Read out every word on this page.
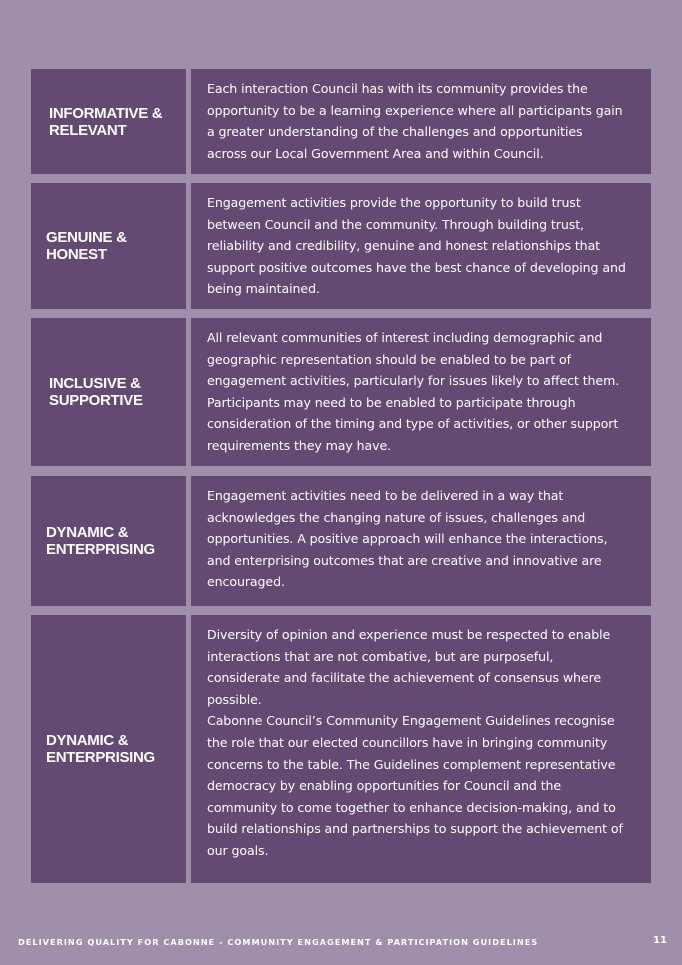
INFORMATIVE &
RELEVANT

Each interaction Council has with its community provides the
opportunity to be a learning experience where all participants gain
a greater understanding of the challenges and opportunities
across our Local Government Area and within Council.

GENUINE &
HONEST

Engagement activities provide the opportunity to build trust
between Council and the community. Through building trust,
reliability and credibility, genuine and honest relationships that
support positive outcomes have the best chance of developing and
being maintained.

INCLUSIVE &
SUPPORTIVE

All relevant communities of interest including demographic and
geographic representation should be enabled to be part of
engagement activities, particularly for issues likely to affect them.
Participants may need to be enabled to participate through
consideration of the timing and type of activities, or other support
requirements they may have.

DYNAMIC &
ENTERPRISING

Engagement activities need to be delivered in a way that
acknowledges the changing nature of issues, challenges and
opportunities. A positive approach will enhance the interactions,
and enterprising outcomes that are creative and innovative are
encouraged.

DYNAMIC &
ENTERPRISING

Diversity of opinion and experience must be respected to enable
interactions that are not combative, but are purposeful,
considerate and facilitate the achievement of consensus where
possible.
Cabonne Council’s Community Engagement Guidelines recognise
the role that our elected councillors have in bringing community
concerns to the table. The Guidelines complement representative
democracy by enabling opportunities for Council and the
community to come together to enhance decision-making, and to
build relationships and partnerships to support the achievement of
our goals.

DELIVERING QUALITY FOR CABONNE - COMMUNITY ENGAGEMENT & PARTICIPATION GUIDELINES	11
